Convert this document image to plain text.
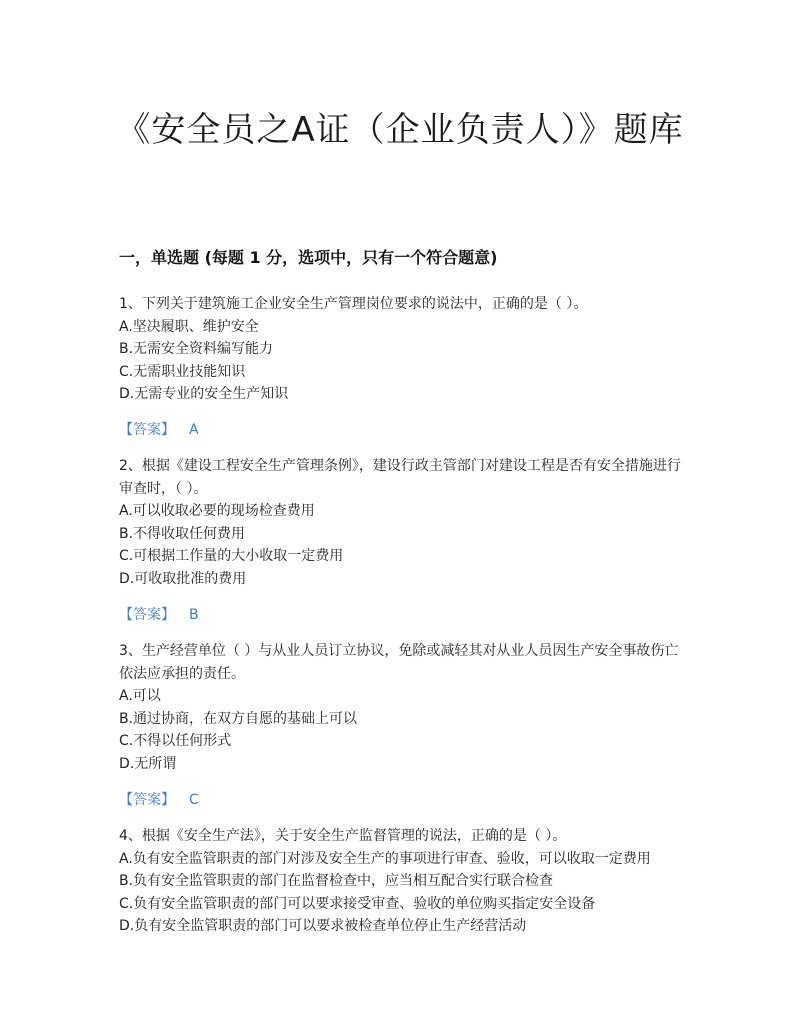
《安全员之A证（企业负责人）》题库
一，单选题 (每题 1 分，选项中，只有一个符合题意)

1、下列关于建筑施工企业安全生产管理岗位要求的说法中，正确的是（ ）。

A.坚决履职、维护安全

B.无需安全资料编写能力

C.无需职业技能知识

D.无需专业的安全生产知识

【答案】 A

2、根据《建设工程安全生产管理条例》，建设行政主管部门对建设工程是否有安全措施进行审查时，（ ）。

A.可以收取必要的现场检查费用

B.不得收取任何费用

C.可根据工作量的大小收取一定费用

D.可收取批准的费用

【答案】 B

3、生产经营单位（ ）与从业人员订立协议，免除或减轻其对从业人员因生产安全事故伤亡依法应承担的责任。

A.可以

B.通过协商，在双方自愿的基础上可以

C.不得以任何形式

D.无所谓

【答案】 C

4、根据《安全生产法》，关于安全生产监督管理的说法，正确的是（ ）。

A.负有安全监管职责的部门对涉及安全生产的事项进行审查、验收，可以收取一定费用

B.负有安全监管职责的部门在监督检查中，应当相互配合实行联合检查

C.负有安全监管职责的部门可以要求接受审查、验收的单位购买指定安全设备

D.负有安全监管职责的部门可以要求被检查单位停止生产经营活动
